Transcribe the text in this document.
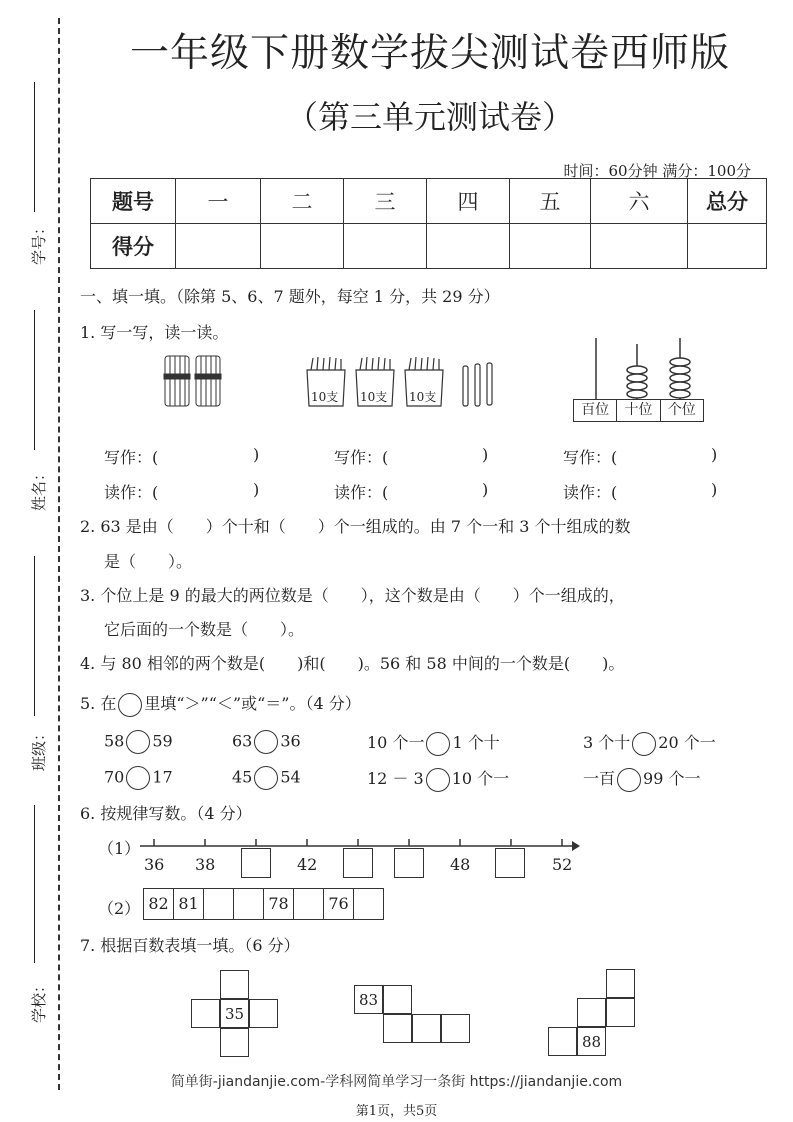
学号：
姓名：
班级：
学校：
一年级下册数学拔尖测试卷西师版
（第三单元测试卷）
时间：60分钟 满分：100分
题号	一	二	三	四	五	六	总分
得分							
一、填一填。（除第 5、6、7 题外，每空 1 分，共 29 分）
1. 写一写，读一读。
10支 10支 10支
百位	十位	个位
写作：(	)	写作：(	)	写作：(	)
读作：(	)	读作：(	)	读作：(	)
2. 63 是由（　　）个十和（　　）个一组成的。由 7 个一和 3 个十组成的数
是（　　）。
3. 个位上是 9 的最大的两位数是（　　），这个数是由（　　）个一组成的，
它后面的一个数是（　　）。
4. 与 80 相邻的两个数是(　　)和(　　)。56 和 58 中间的一个数是(　　)。
5. 在 里填“＞”“＜”或“＝”。（4 分）
58 59	63 36	10 个一 1 个十	3 个十 20 个一
70 17	45 54	12 － 3 10 个一	一百 99 个一
6. 按规律写数。（4 分）
（1）
36 38	42	48	52
（2） 82 81	78	76
7. 根据百数表填一填。（6 分）
35
83
88
简单街-jiandanjie.com-学科网简单学习一条街 https://jiandanjie.com
第1页，共5页
